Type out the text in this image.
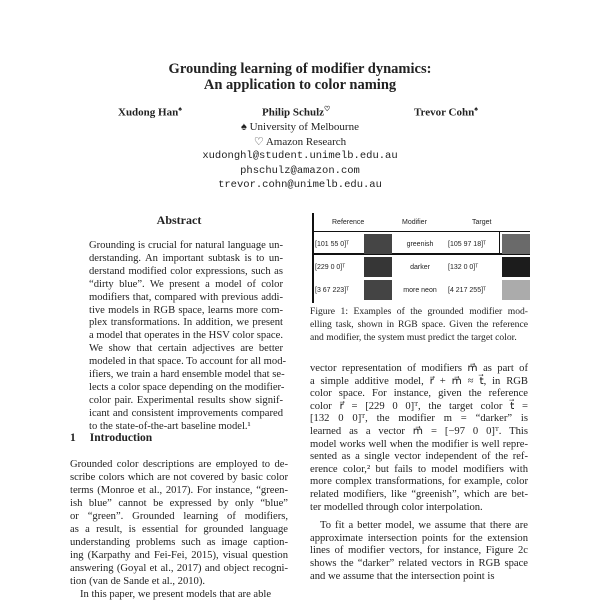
Grounding learning of modifier dynamics:
An application to color naming
Xudong Han♠	Philip Schulz♡	Trevor Cohn♠
♠ University of Melbourne
♡ Amazon Research
xudonghl@student.unimelb.edu.au
phschulz@amazon.com
trevor.cohn@unimelb.edu.au
Abstract
Grounding is crucial for natural language un-
derstanding. An important subtask is to un-
derstand modified color expressions, such as
“dirty blue”. We present a model of color
modifiers that, compared with previous addi-
tive models in RGB space, learns more com-
plex transformations. In addition, we present
a model that operates in the HSV color space.
We show that certain adjectives are better
modeled in that space. To account for all mod-
ifiers, we train a hard ensemble model that se-
lects a color space depending on the modifier-
color pair. Experimental results show signif-
icant and consistent improvements compared
to the state-of-the-art baseline model.¹
1 Introduction
Grounded color descriptions are employed to de-
scribe colors which are not covered by basic color
terms (Monroe et al., 2017). For instance, “green-
ish blue” cannot be expressed by only “blue”
or “green”. Grounded learning of modifiers,
as a result, is essential for grounded language
understanding problems such as image caption-
ing (Karpathy and Fei-Fei, 2015), visual question
answering (Goyal et al., 2017) and object recogni-
tion (van de Sande et al., 2010).
In this paper, we present models that are able
Reference	Modifier	Target
[101 55 0]ᵀ	greenish	[105 97 18]ᵀ
[229 0 0]ᵀ	darker	[132 0 0]ᵀ
[3 67 223]ᵀ	more neon	[4 217 255]ᵀ
Figure 1: Examples of the grounded modifier mod-
elling task, shown in RGB space. Given the reference
and modifier, the system must predict the target color.
vector representation of modifiers m⃗ as part of
a simple additive model, r⃗ + m⃗ ≈ t⃗, in RGB
color space. For instance, given the reference
color r⃗ = [229 0 0]ᵀ, the target color t⃗ =
[132 0 0]ᵀ, the modifier m = “darker” is
learned as a vector m⃗ = [−97 0 0]ᵀ. This
model works well when the modifier is well repre-
sented as a single vector independent of the ref-
erence color,² but fails to model modifiers with
more complex transformations, for example, color
related modifiers, like “greenish”, which are bet-
ter modelled through color interpolation.
To fit a better model, we assume that there are
approximate intersection points for the extension
lines of modifier vectors, for instance, Figure 2c
shows the “darker” related vectors in RGB space
and we assume that the intersection point is
